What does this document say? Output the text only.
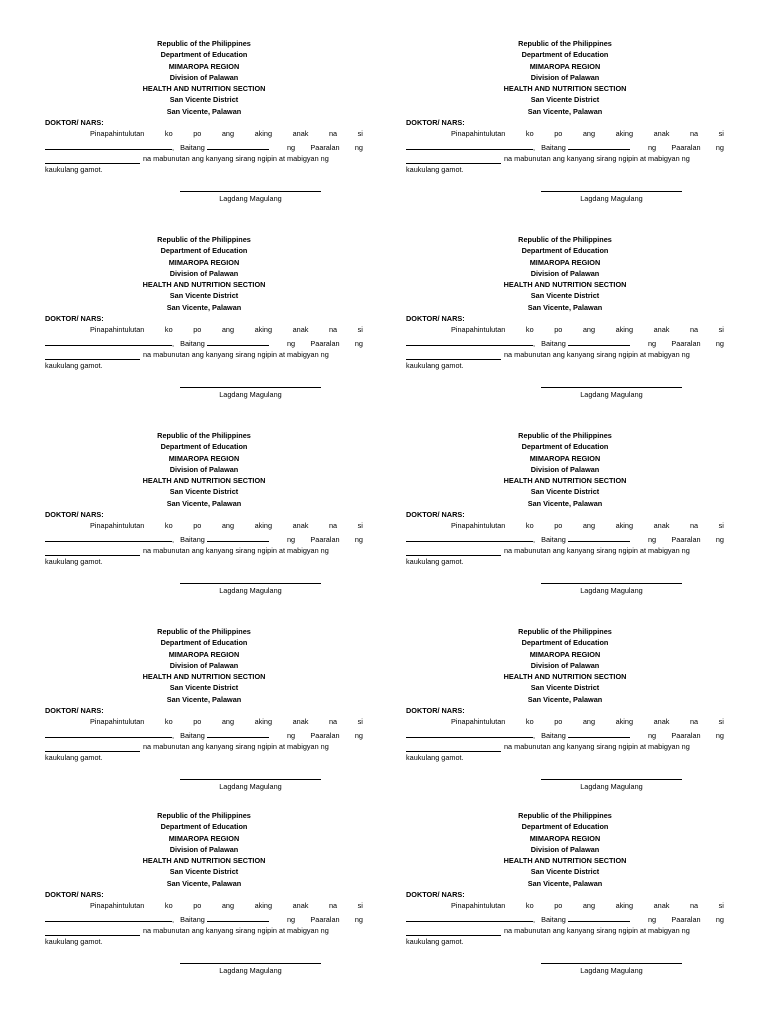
Republic of the Philippines
Department of Education
MIMAROPA REGION
Division of Palawan
HEALTH AND NUTRITION SECTION
San Vicente District
San Vicente, Palawan
DOKTOR/ NARS:
Pinapahintulutan	ko	po	ang	aking	anak	na	si
,   Baitang	ng Paaralan ng
na mabunutan ang kanyang sirang ngipin at mabigyan ng
kaukulang gamot.
Lagdang Magulang
Republic of the Philippines
Department of Education
MIMAROPA REGION
Division of Palawan
HEALTH AND NUTRITION SECTION
San Vicente District
San Vicente, Palawan
DOKTOR/ NARS:
Pinapahintulutan	ko	po	ang	aking	anak	na	si
,   Baitang	ng Paaralan ng
na mabunutan ang kanyang sirang ngipin at mabigyan ng
kaukulang gamot.
Lagdang Magulang
Republic of the Philippines
Department of Education
MIMAROPA REGION
Division of Palawan
HEALTH AND NUTRITION SECTION
San Vicente District
San Vicente, Palawan
DOKTOR/ NARS:
Pinapahintulutan	ko	po	ang	aking	anak	na	si
,   Baitang	ng Paaralan ng
na mabunutan ang kanyang sirang ngipin at mabigyan ng
kaukulang gamot.
Lagdang Magulang
Republic of the Philippines
Department of Education
MIMAROPA REGION
Division of Palawan
HEALTH AND NUTRITION SECTION
San Vicente District
San Vicente, Palawan
DOKTOR/ NARS:
Pinapahintulutan	ko	po	ang	aking	anak	na	si
,   Baitang	ng Paaralan ng
na mabunutan ang kanyang sirang ngipin at mabigyan ng
kaukulang gamot.
Lagdang Magulang
Republic of the Philippines
Department of Education
MIMAROPA REGION
Division of Palawan
HEALTH AND NUTRITION SECTION
San Vicente District
San Vicente, Palawan
DOKTOR/ NARS:
Pinapahintulutan	ko	po	ang	aking	anak	na	si
,   Baitang	ng Paaralan ng
na mabunutan ang kanyang sirang ngipin at mabigyan ng
kaukulang gamot.
Lagdang Magulang
Republic of the Philippines
Department of Education
MIMAROPA REGION
Division of Palawan
HEALTH AND NUTRITION SECTION
San Vicente District
San Vicente, Palawan
DOKTOR/ NARS:
Pinapahintulutan	ko	po	ang	aking	anak	na	si
,   Baitang	ng Paaralan ng
na mabunutan ang kanyang sirang ngipin at mabigyan ng
kaukulang gamot.
Lagdang Magulang
Republic of the Philippines
Department of Education
MIMAROPA REGION
Division of Palawan
HEALTH AND NUTRITION SECTION
San Vicente District
San Vicente, Palawan
DOKTOR/ NARS:
Pinapahintulutan	ko	po	ang	aking	anak	na	si
,   Baitang	ng Paaralan ng
na mabunutan ang kanyang sirang ngipin at mabigyan ng
kaukulang gamot.
Lagdang Magulang
Republic of the Philippines
Department of Education
MIMAROPA REGION
Division of Palawan
HEALTH AND NUTRITION SECTION
San Vicente District
San Vicente, Palawan
DOKTOR/ NARS:
Pinapahintulutan	ko	po	ang	aking	anak	na	si
,   Baitang	ng Paaralan ng
na mabunutan ang kanyang sirang ngipin at mabigyan ng
kaukulang gamot.
Lagdang Magulang
Republic of the Philippines
Department of Education
MIMAROPA REGION
Division of Palawan
HEALTH AND NUTRITION SECTION
San Vicente District
San Vicente, Palawan
DOKTOR/ NARS:
Pinapahintulutan	ko	po	ang	aking	anak	na	si
,   Baitang	ng Paaralan ng
na mabunutan ang kanyang sirang ngipin at mabigyan ng
kaukulang gamot.
Lagdang Magulang
Republic of the Philippines
Department of Education
MIMAROPA REGION
Division of Palawan
HEALTH AND NUTRITION SECTION
San Vicente District
San Vicente, Palawan
DOKTOR/ NARS:
Pinapahintulutan	ko	po	ang	aking	anak	na	si
,   Baitang	ng Paaralan ng
na mabunutan ang kanyang sirang ngipin at mabigyan ng
kaukulang gamot.
Lagdang Magulang
